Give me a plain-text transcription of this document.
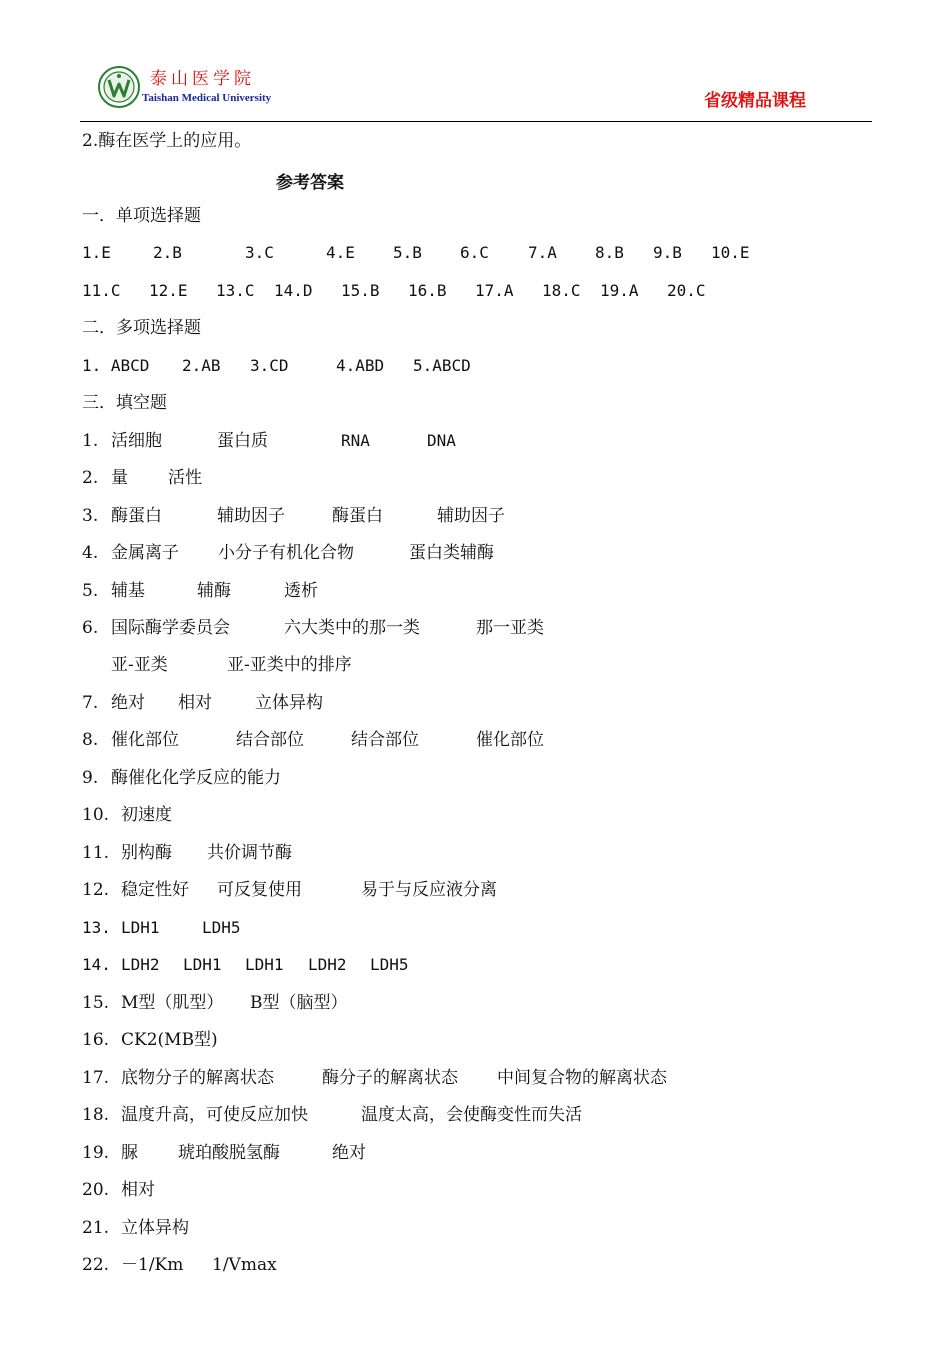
泰山医学院
Taishan Medical University	省级精品课程
2.酶在医学上的应用。
参考答案
一．单项选择题
1.E	2.B	3.C	4.E 5.B 6.C 7.A 8.B 9.B 10.E
11.C 12.E 13.C 14.D 15.B 16.B 17.A 18.C 19.A 20.C
二．多项选择题
1. ABCD 2.AB 3.CD	4.ABD 5.ABCD
三．填空题
1. 活细胞	蛋白质	RNA	DNA
2. 量 活性
3. 酶蛋白	辅助因子	酶蛋白	辅助因子
4. 金属离子 小分子有机化合物	蛋白类辅酶
5. 辅基	辅酶	透析
6. 国际酶学委员会	六大类中的那一类	那一亚类
亚-亚类	亚-亚类中的排序
7. 绝对 相对	立体异构
8. 催化部位	结合部位	结合部位	催化部位
9. 酶催化化学反应的能力
10. 初速度
11. 别构酶 共价调节酶
12. 稳定性好 可反复使用	易于与反应液分离
13. LDH1	LDH5
14. LDH2 LDH1 LDH1 LDH2 LDH5
15. M型（肌型） B型（脑型）
16. CK2(MB型)
17. 底物分子的解离状态	酶分子的解离状态 中间复合物的解离状态
18. 温度升高，可使反应加快	温度太高，会使酶变性而失活
19. 脲 琥珀酸脱氢酶	绝对
20. 相对
21. 立体异构
22. －1/Km 1/Vmax
